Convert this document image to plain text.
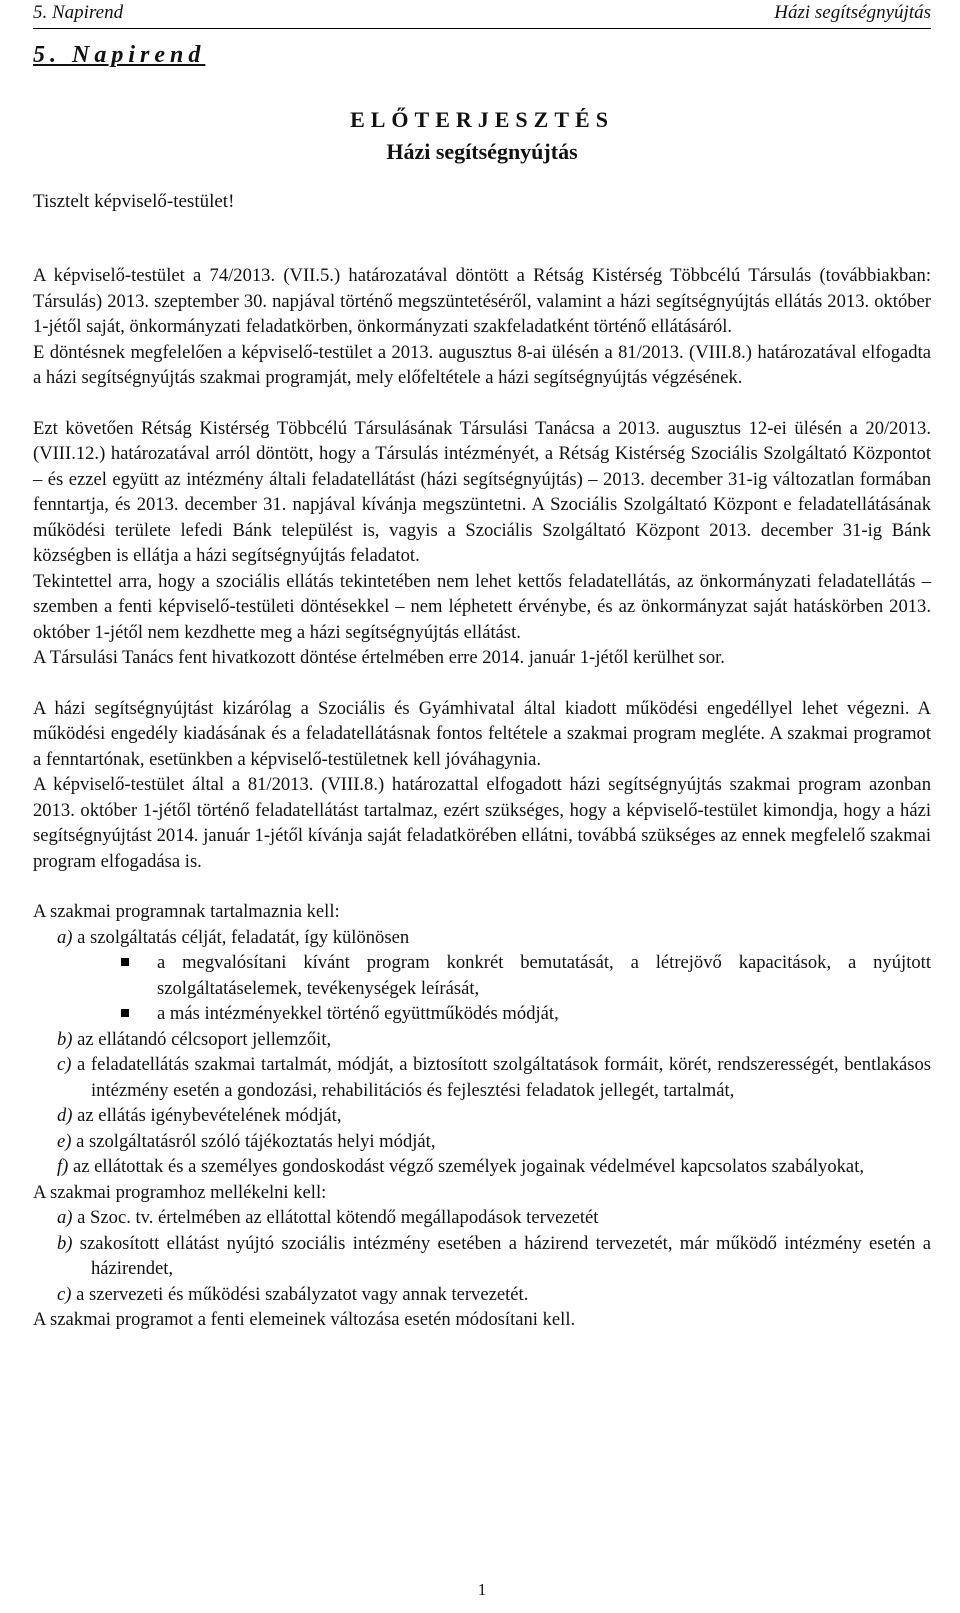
5. Napirend	Házi segítségnyújtás
5. Napirend
ELŐTERJESZTÉS
Házi segítségnyújtás
Tisztelt képviselő-testület!

A képviselő-testület a 74/2013. (VII.5.) határozatával döntött a Rétság Kistérség Többcélú Társulás (továbbiakban: Társulás) 2013. szeptember 30. napjával történő megszüntetéséről, valamint a házi segítségnyújtás ellátás 2013. október 1-jétől saját, önkormányzati feladatkörben, önkormányzati szakfeladatként történő ellátásáról.

E döntésnek megfelelően a képviselő-testület a 2013. augusztus 8-ai ülésén a 81/2013. (VIII.8.) határozatával elfogadta a házi segítségnyújtás szakmai programját, mely előfeltétele a házi segítségnyújtás végzésének.

Ezt követően Rétság Kistérség Többcélú Társulásának Társulási Tanácsa a 2013. augusztus 12-ei ülésén a 20/2013. (VIII.12.) határozatával arról döntött, hogy a Társulás intézményét, a Rétság Kistérség Szociális Szolgáltató Központot – és ezzel együtt az intézmény általi feladatellátást (házi segítségnyújtás) – 2013. december 31-ig változatlan formában fenntartja, és 2013. december 31. napjával kívánja megszüntetni. A Szociális Szolgáltató Központ e feladatellátásának működési területe lefedi Bánk települést is, vagyis a Szociális Szolgáltató Központ 2013. december 31-ig Bánk községben is ellátja a házi segítségnyújtás feladatot.

Tekintettel arra, hogy a szociális ellátás tekintetében nem lehet kettős feladatellátás, az önkormányzati feladatellátás – szemben a fenti képviselő-testületi döntésekkel – nem léphetett érvénybe, és az önkormányzat saját hatáskörben 2013. október 1-jétől nem kezdhette meg a házi segítségnyújtás ellátást.

A Társulási Tanács fent hivatkozott döntése értelmében erre 2014. január 1-jétől kerülhet sor.

A házi segítségnyújtást kizárólag a Szociális és Gyámhivatal által kiadott működési engedéllyel lehet végezni. A működési engedély kiadásának és a feladatellátásnak fontos feltétele a szakmai program megléte. A szakmai programot a fenntartónak, esetünkben a képviselő-testületnek kell jóváhagynia.

A képviselő-testület által a 81/2013. (VIII.8.) határozattal elfogadott házi segítségnyújtás szakmai program azonban 2013. október 1-jétől történő feladatellátást tartalmaz, ezért szükséges, hogy a képviselő-testület kimondja, hogy a házi segítségnyújtást 2014. január 1-jétől kívánja saját feladatkörében ellátni, továbbá szükséges az ennek megfelelő szakmai program elfogadása is.

A szakmai programnak tartalmaznia kell:

a) a szolgáltatás célját, feladatát, így különösen

a megvalósítani kívánt program konkrét bemutatását, a létrejövő kapacitások, a nyújtott szolgáltatáselemek, tevékenységek leírását,

a más intézményekkel történő együttműködés módját,

b) az ellátandó célcsoport jellemzőit,

c) a feladatellátás szakmai tartalmát, módját, a biztosított szolgáltatások formáit, körét, rendszerességét, bentlakásos intézmény esetén a gondozási, rehabilitációs és fejlesztési feladatok jellegét, tartalmát,

d) az ellátás igénybevételének módját,

e) a szolgáltatásról szóló tájékoztatás helyi módját,

f) az ellátottak és a személyes gondoskodást végző személyek jogainak védelmével kapcsolatos szabályokat,

A szakmai programhoz mellékelni kell:

a) a Szoc. tv. értelmében az ellátottal kötendő megállapodások tervezetét

b) szakosított ellátást nyújtó szociális intézmény esetében a házirend tervezetét, már működő intézmény esetén a házirendet,

c) a szervezeti és működési szabályzatot vagy annak tervezetét.

A szakmai programot a fenti elemeinek változása esetén módosítani kell.

1
